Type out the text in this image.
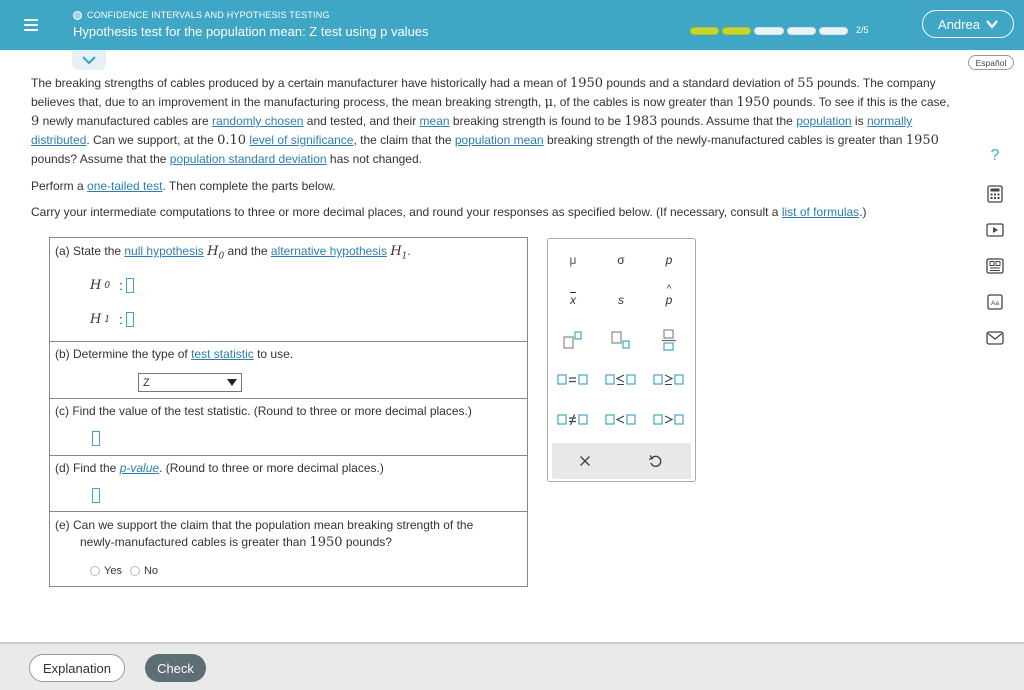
CONFIDENCE INTERVALS AND HYPOTHESIS TESTING
Hypothesis test for the population mean: Z test using p values	2/5	Andrea
Español
?
Aa
The breaking strengths of cables produced by a certain manufacturer have historically had a mean of 1950 pounds and a standard deviation of 55 pounds. The company believes that, due to an improvement in the manufacturing process, the mean breaking strength, μ, of the cables is now greater than 1950 pounds. To see if this is the case, 9 newly manufactured cables are randomly chosen and tested, and their mean breaking strength is found to be 1983 pounds. Assume that the population is normally distributed. Can we support, at the 0.10 level of significance, the claim that the population mean breaking strength of the newly-manufactured cables is greater than 1950 pounds? Assume that the population standard deviation has not changed.
Perform a one-tailed test. Then complete the parts below.
Carry your intermediate computations to three or more decimal places, and round your responses as specified below. (If necessary, consult a list of formulas.)
(a) State the null hypothesis $H_0$ and the alternative hypothesis $H_1$.
H 0 :
H 1 :
(b) Determine the type of test statistic to use.
Z
(c) Find the value of the test statistic. (Round to three or more decimal places.)
(d) Find the p-value. (Round to three or more decimal places.)
(e) Can we support the claim that the population mean breaking strength of the
newly-manufactured cables is greater than 1950 pounds?
Yes No
μ	σ	p
$\overline{x}$	s
^
p
Explanation	Check
